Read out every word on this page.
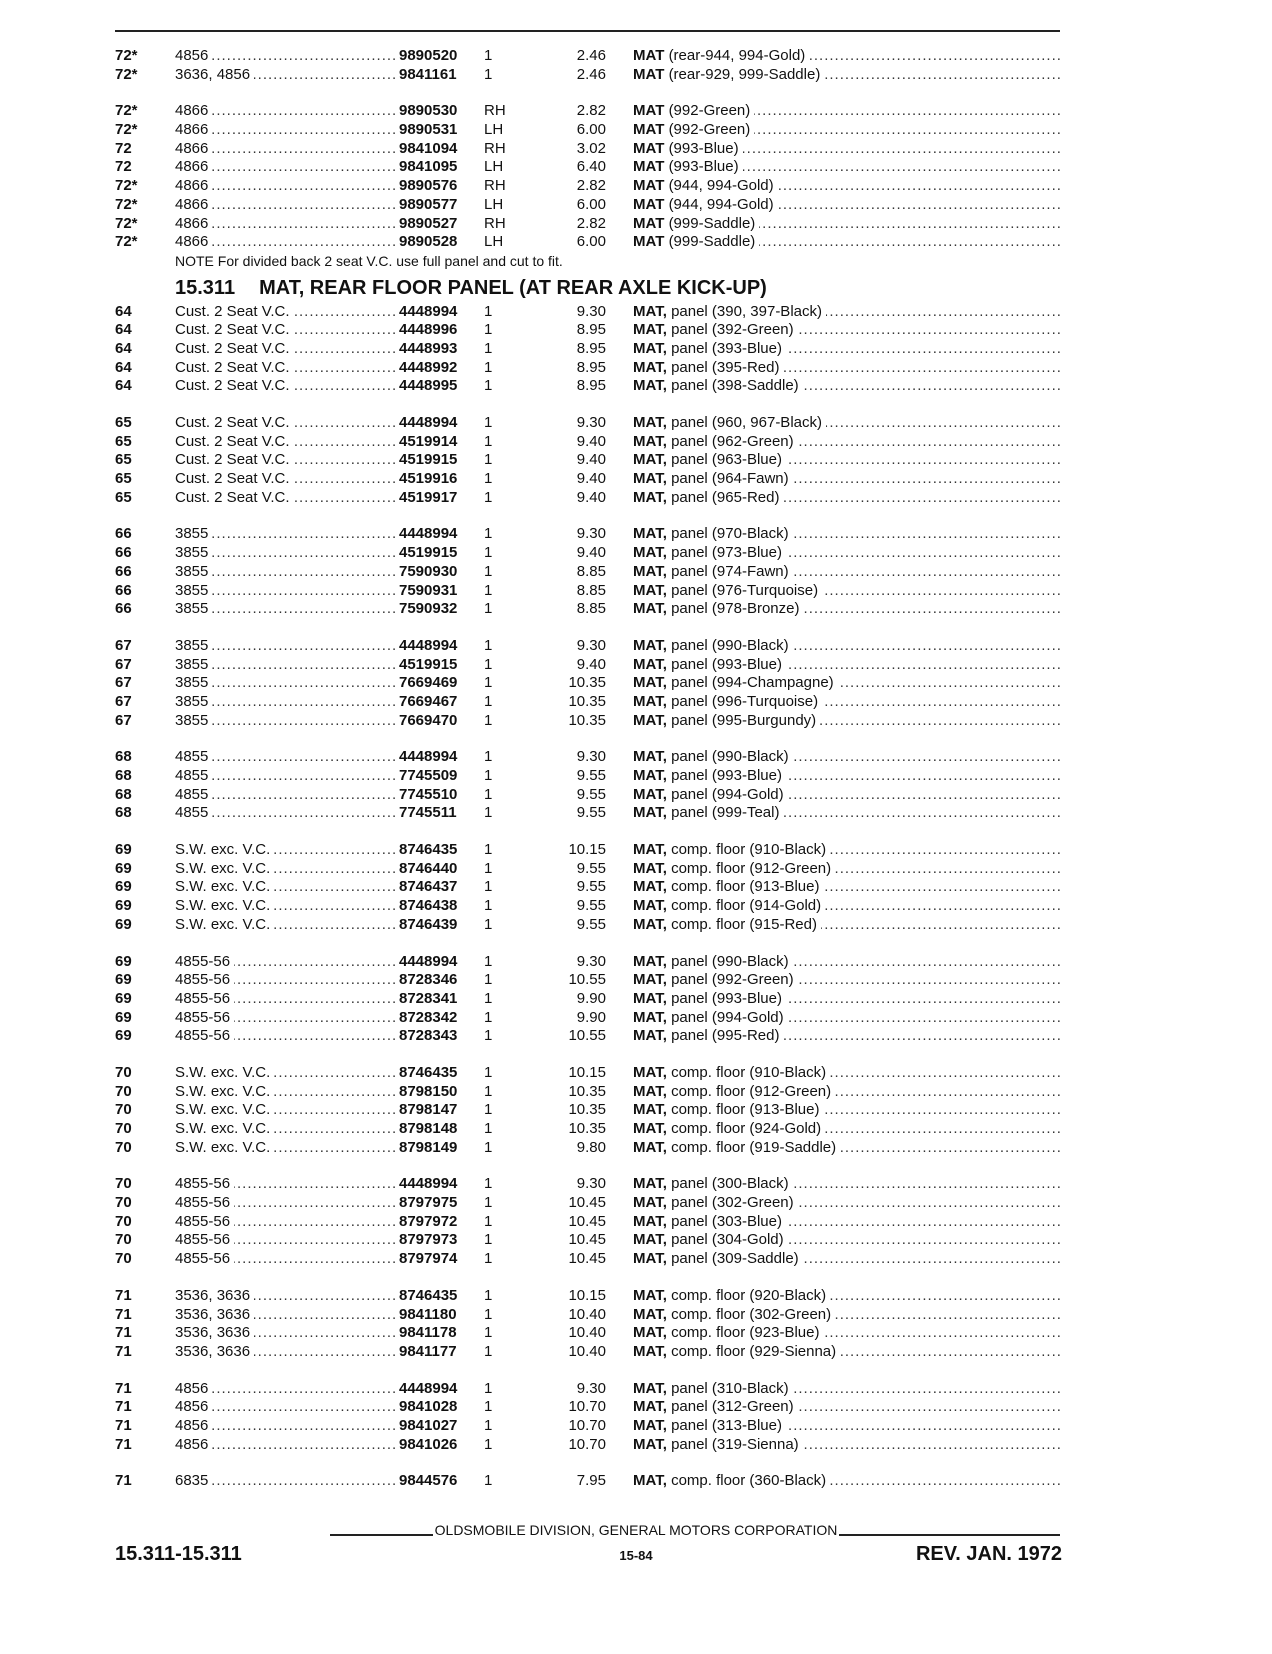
72*	4856 .....	9890520 1	2.46 MAT (rear-944, 994-Gold) .....
72*	3636, 4856 .....	9841161 1	2.46 MAT (rear-929, 999-Saddle) .....
72*	4866 .....	9890530 RH	2.82 MAT (992-Green) .....
72*	4866 .....	9890531 LH	6.00 MAT (992-Green) .....
72	4866 .....	9841094 RH	3.02 MAT (993-Blue) .....
72	4866 .....	9841095 LH	6.40 MAT (993-Blue) .....
72*	4866 .....	9890576 RH	2.82 MAT (944, 994-Gold) .....
72*	4866 .....	9890577 LH	6.00 MAT (944, 994-Gold) .....
72*	4866 .....	9890527 RH	2.82 MAT (999-Saddle) .....
72*	4866 .....	9890528 LH	6.00 MAT (999-Saddle) .....
NOTE For divided back 2 seat V.C. use full panel and cut to fit.
15.311 MAT, REAR FLOOR PANEL (AT REAR AXLE KICK-UP)
64	Cust. 2 Seat V.C. .....	4448994 1	9.30 MAT, panel (390, 397-Black) .....
64	Cust. 2 Seat V.C. .....	4448996 1	8.95 MAT, panel (392-Green) .....
64	Cust. 2 Seat V.C. .....	4448993 1	8.95 MAT, panel (393-Blue) .....
64	Cust. 2 Seat V.C. .....	4448992 1	8.95 MAT, panel (395-Red) .....
64	Cust. 2 Seat V.C. .....	4448995 1	8.95 MAT, panel (398-Saddle) .....
65	Cust. 2 Seat V.C. .....	4448994 1	9.30 MAT, panel (960, 967-Black) .....
65	Cust. 2 Seat V.C. .....	4519914 1	9.40 MAT, panel (962-Green) .....
65	Cust. 2 Seat V.C. .....	4519915 1	9.40 MAT, panel (963-Blue) .....
65	Cust. 2 Seat V.C. .....	4519916 1	9.40 MAT, panel (964-Fawn) .....
65	Cust. 2 Seat V.C. .....	4519917 1	9.40 MAT, panel (965-Red) .....
66	3855 .....	4448994 1	9.30 MAT, panel (970-Black) .....
66	3855 .....	4519915 1	9.40 MAT, panel (973-Blue) .....
66	3855 .....	7590930 1	8.85 MAT, panel (974-Fawn) .....
66	3855 .....	7590931 1	8.85 MAT, panel (976-Turquoise) .....
66	3855 .....	7590932 1	8.85 MAT, panel (978-Bronze) .....
67	3855 .....	4448994 1	9.30 MAT, panel (990-Black) .....
67	3855 .....	4519915 1	9.40 MAT, panel (993-Blue) .....
67	3855 .....	7669469 1	10.35 MAT, panel (994-Champagne) .....
67	3855 .....	7669467 1	10.35 MAT, panel (996-Turquoise) .....
67	3855 .....	7669470 1	10.35 MAT, panel (995-Burgundy) .....
68	4855 .....	4448994 1	9.30 MAT, panel (990-Black) .....
68	4855 .....	7745509 1	9.55 MAT, panel (993-Blue) .....
68	4855 .....	7745510 1	9.55 MAT, panel (994-Gold) .....
68	4855 .....	7745511 1	9.55 MAT, panel (999-Teal) .....
69	S.W. exc. V.C. .....	8746435 1	10.15 MAT, comp. floor (910-Black) .....
69	S.W. exc. V.C. .....	8746440 1	9.55 MAT, comp. floor (912-Green) .....
69	S.W. exc. V.C. .....	8746437 1	9.55 MAT, comp. floor (913-Blue) .....
69	S.W. exc. V.C. .....	8746438 1	9.55 MAT, comp. floor (914-Gold) .....
69	S.W. exc. V.C. .....	8746439 1	9.55 MAT, comp. floor (915-Red) .....
69	4855-56 .....	4448994 1	9.30 MAT, panel (990-Black) .....
69	4855-56 .....	8728346 1	10.55 MAT, panel (992-Green) .....
69	4855-56 .....	8728341 1	9.90 MAT, panel (993-Blue) .....
69	4855-56 .....	8728342 1	9.90 MAT, panel (994-Gold) .....
69	4855-56 .....	8728343 1	10.55 MAT, panel (995-Red) .....
70	S.W. exc. V.C. .....	8746435 1	10.15 MAT, comp. floor (910-Black) .....
70	S.W. exc. V.C. .....	8798150 1	10.35 MAT, comp. floor (912-Green) .....
70	S.W. exc. V.C. .....	8798147 1	10.35 MAT, comp. floor (913-Blue) .....
70	S.W. exc. V.C. .....	8798148 1	10.35 MAT, comp. floor (924-Gold) .....
70	S.W. exc. V.C. .....	8798149 1	9.80 MAT, comp. floor (919-Saddle) .....
70	4855-56 .....	4448994 1	9.30 MAT, panel (300-Black) .....
70	4855-56 .....	8797975 1	10.45 MAT, panel (302-Green) .....
70	4855-56 .....	8797972 1	10.45 MAT, panel (303-Blue) .....
70	4855-56 .....	8797973 1	10.45 MAT, panel (304-Gold) .....
70	4855-56 .....	8797974 1	10.45 MAT, panel (309-Saddle) .....
71	3536, 3636 .....	8746435 1	10.15 MAT, comp. floor (920-Black) .....
71	3536, 3636 .....	9841180 1	10.40 MAT, comp. floor (302-Green) .....
71	3536, 3636 .....	9841178 1	10.40 MAT, comp. floor (923-Blue) .....
71	3536, 3636 .....	9841177 1	10.40 MAT, comp. floor (929-Sienna) .....
71	4856 .....	4448994 1	9.30 MAT, panel (310-Black) .....
71	4856 .....	9841028 1	10.70 MAT, panel (312-Green) .....
71	4856 .....	9841027 1	10.70 MAT, panel (313-Blue) .....
71	4856 .....	9841026 1	10.70 MAT, panel (319-Sienna) .....
71	6835 .....	9844576 1	7.95 MAT, comp. floor (360-Black) .....
OLDSMOBILE DIVISION, GENERAL MOTORS CORPORATION
15.311-15.311	15-84	REV. JAN. 1972
